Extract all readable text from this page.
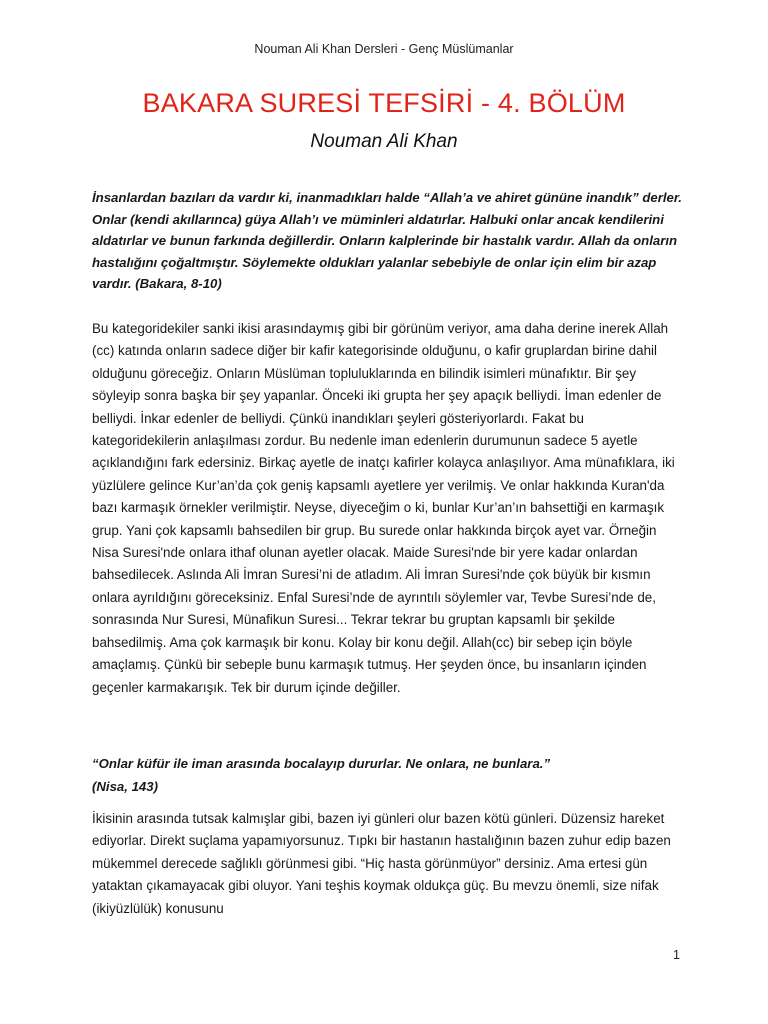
Nouman Ali Khan Dersleri - Genç Müslümanlar
BAKARA SURESİ TEFSİRİ - 4. BÖLÜM
Nouman Ali Khan

İnsanlardan bazıları da vardır ki, inanmadıkları halde “Allah’a ve ahiret gününe inandık” derler. Onlar (kendi akıllarınca) güya Allah’ı ve müminleri aldatırlar. Halbuki onlar ancak kendilerini aldatırlar ve bunun farkında değillerdir. Onların kalplerinde bir hastalık vardır. Allah da onların hastalığını çoğaltmıştır. Söylemekte oldukları yalanlar sebebiyle de onlar için elim bir azap vardır. (Bakara, 8-10)

Bu kategoridekiler sanki ikisi arasındaymış gibi bir görünüm veriyor, ama daha derine inerek Allah (cc) katında onların sadece diğer bir kafir kategorisinde olduğunu, o kafir gruplardan birine dahil olduğunu göreceğiz. Onların Müslüman topluluklarında en bilindik isimleri münafıktır. Bir şey söyleyip sonra başka bir şey yapanlar. Önceki iki grupta her şey apaçık belliydi. İman edenler de belliydi. İnkar edenler de belliydi. Çünkü inandıkları şeyleri gösteriyorlardı. Fakat bu kategoridekilerin anlaşılması zordur. Bu nedenle iman edenlerin durumunun sadece 5 ayetle açıklandığını fark edersiniz. Birkaç ayetle de inatçı kafirler kolayca anlaşılıyor. Ama münafıklara, iki yüzlülere gelince Kur’an’da çok geniş kapsamlı ayetlere yer verilmiş. Ve onlar hakkında Kuran'da bazı karmaşık örnekler verilmiştir. Neyse, diyeceğim o ki, bunlar Kur’an’ın bahsettiği en karmaşık grup. Yani çok kapsamlı bahsedilen bir grup. Bu surede onlar hakkında birçok ayet var. Örneğin Nisa Suresi'nde onlara ithaf olunan ayetler olacak. Maide Suresi'nde bir yere kadar onlardan bahsedilecek. Aslında Ali İmran Suresi’ni de atladım. Ali İmran Suresi'nde çok büyük bir kısmın onlara ayrıldığını göreceksiniz. Enfal Suresi’nde de ayrıntılı söylemler var, Tevbe Suresi’nde de, sonrasında Nur Suresi, Münafikun Suresi... Tekrar tekrar bu gruptan kapsamlı bir şekilde bahsedilmiş. Ama çok karmaşık bir konu. Kolay bir konu değil. Allah(cc) bir sebep için böyle amaçlamış. Çünkü bir sebeple bunu karmaşık tutmuş. Her şeyden önce, bu insanların içinden geçenler karmakarışık. Tek bir durum içinde değiller.

“Onlar küfür ile iman arasında bocalayıp dururlar. Ne onlara, ne bunlara.”
(Nisa, 143)

İkisinin arasında tutsak kalmışlar gibi, bazen iyi günleri olur bazen kötü günleri. Düzensiz hareket ediyorlar. Direkt suçlama yapamıyorsunuz. Tıpkı bir hastanın hastalığının bazen zuhur edip bazen mükemmel derecede sağlıklı görünmesi gibi. “Hiç hasta görünmüyor” dersiniz. Ama ertesi gün yataktan çıkamayacak gibi oluyor. Yani teşhis koymak oldukça güç. Bu mevzu önemli, size nifak (ikiyüzlülük) konusunu

1
